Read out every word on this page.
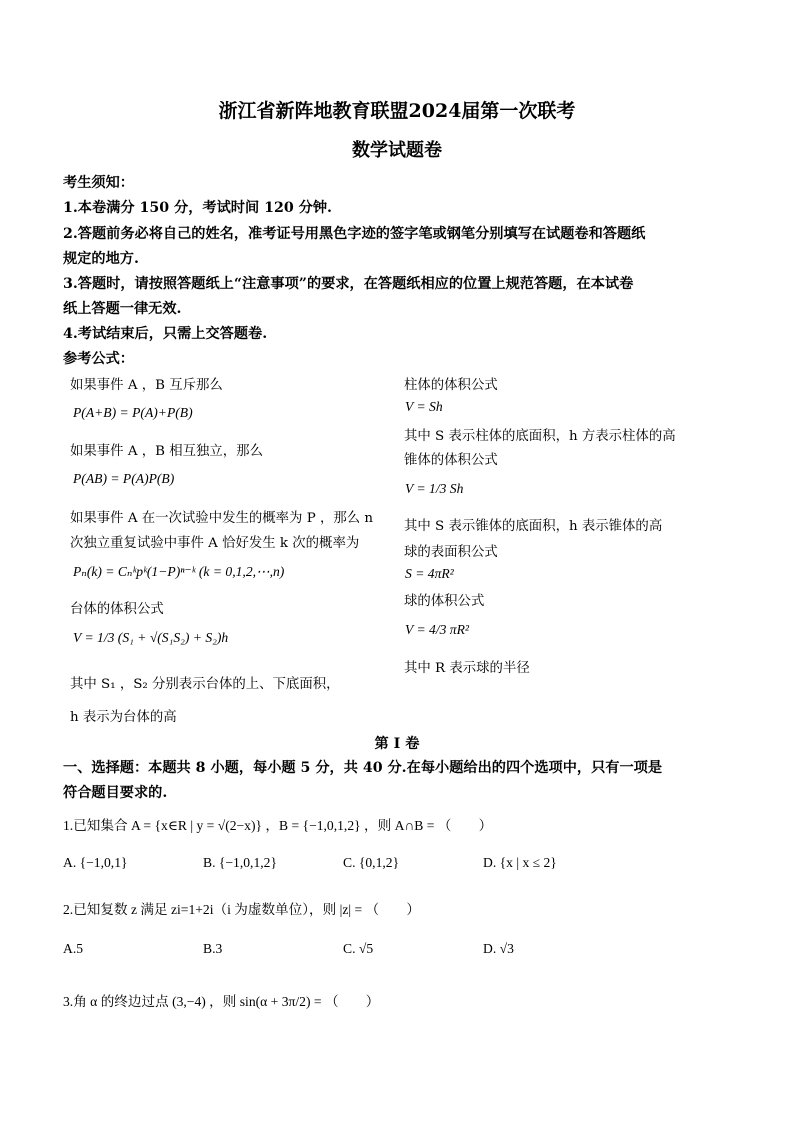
浙江省新阵地教育联盟2024届第一次联考
数学试题卷
考生须知：
1.本卷满分 150 分，考试时间 120 分钟.
2.答题前务必将自己的姓名，准考证号用黑色字迹的签字笔或钢笔分别填写在试题卷和答题纸
规定的地方.
3.答题时，请按照答题纸上“注意事项”的要求，在答题纸相应的位置上规范答题，在本试卷
纸上答题一律无效.
4.考试结束后，只需上交答题卷.
参考公式：
如果事件 A ，B 互斥那么
P(A+B) = P(A)+P(B)
如果事件 A ，B 相互独立，那么
P(AB) = P(A)P(B)
如果事件 A 在一次试验中发生的概率为 P ，那么 n
次独立重复试验中事件 A 恰好发生 k 次的概率为
Pₙ(k) = Cₙᵏpᵏ(1−P)ⁿ⁻ᵏ (k = 0,1,2,⋯,n)
台体的体积公式
V = 1/3 (S₁ + √(S₁S₂) + S₂)h
其中 S₁ ，S₂ 分别表示台体的上、下底面积，
h 表示为台体的高
柱体的体积公式
V = Sh
其中 S 表示柱体的底面积，h 方表示柱体的高
锥体的体积公式
V = 1/3 Sh
其中 S 表示锥体的底面积，h 表示锥体的高
球的表面积公式
S = 4πR²
球的体积公式
V = 4/3 πR²
其中 R 表示球的半径
第 I 卷
一、选择题：本题共 8 小题，每小题 5 分，共 40 分.在每小题给出的四个选项中，只有一项是
符合题目要求的.
1.已知集合 A = {x∈R | y = √(2−x)} ，B = {−1,0,1,2} ，则 A∩B = （　　）
A. {−1,0,1}	B. {−1,0,1,2}	C. {0,1,2}	D. {x | x ≤ 2}
2.已知复数 z 满足 zi=1+2i（i 为虚数单位），则 |z| = （　　）
A.5	B.3	C. √5	D. √3
3.角 α 的终边过点 (3,−4) ，则 sin(α + 3π/2) = （　　）
